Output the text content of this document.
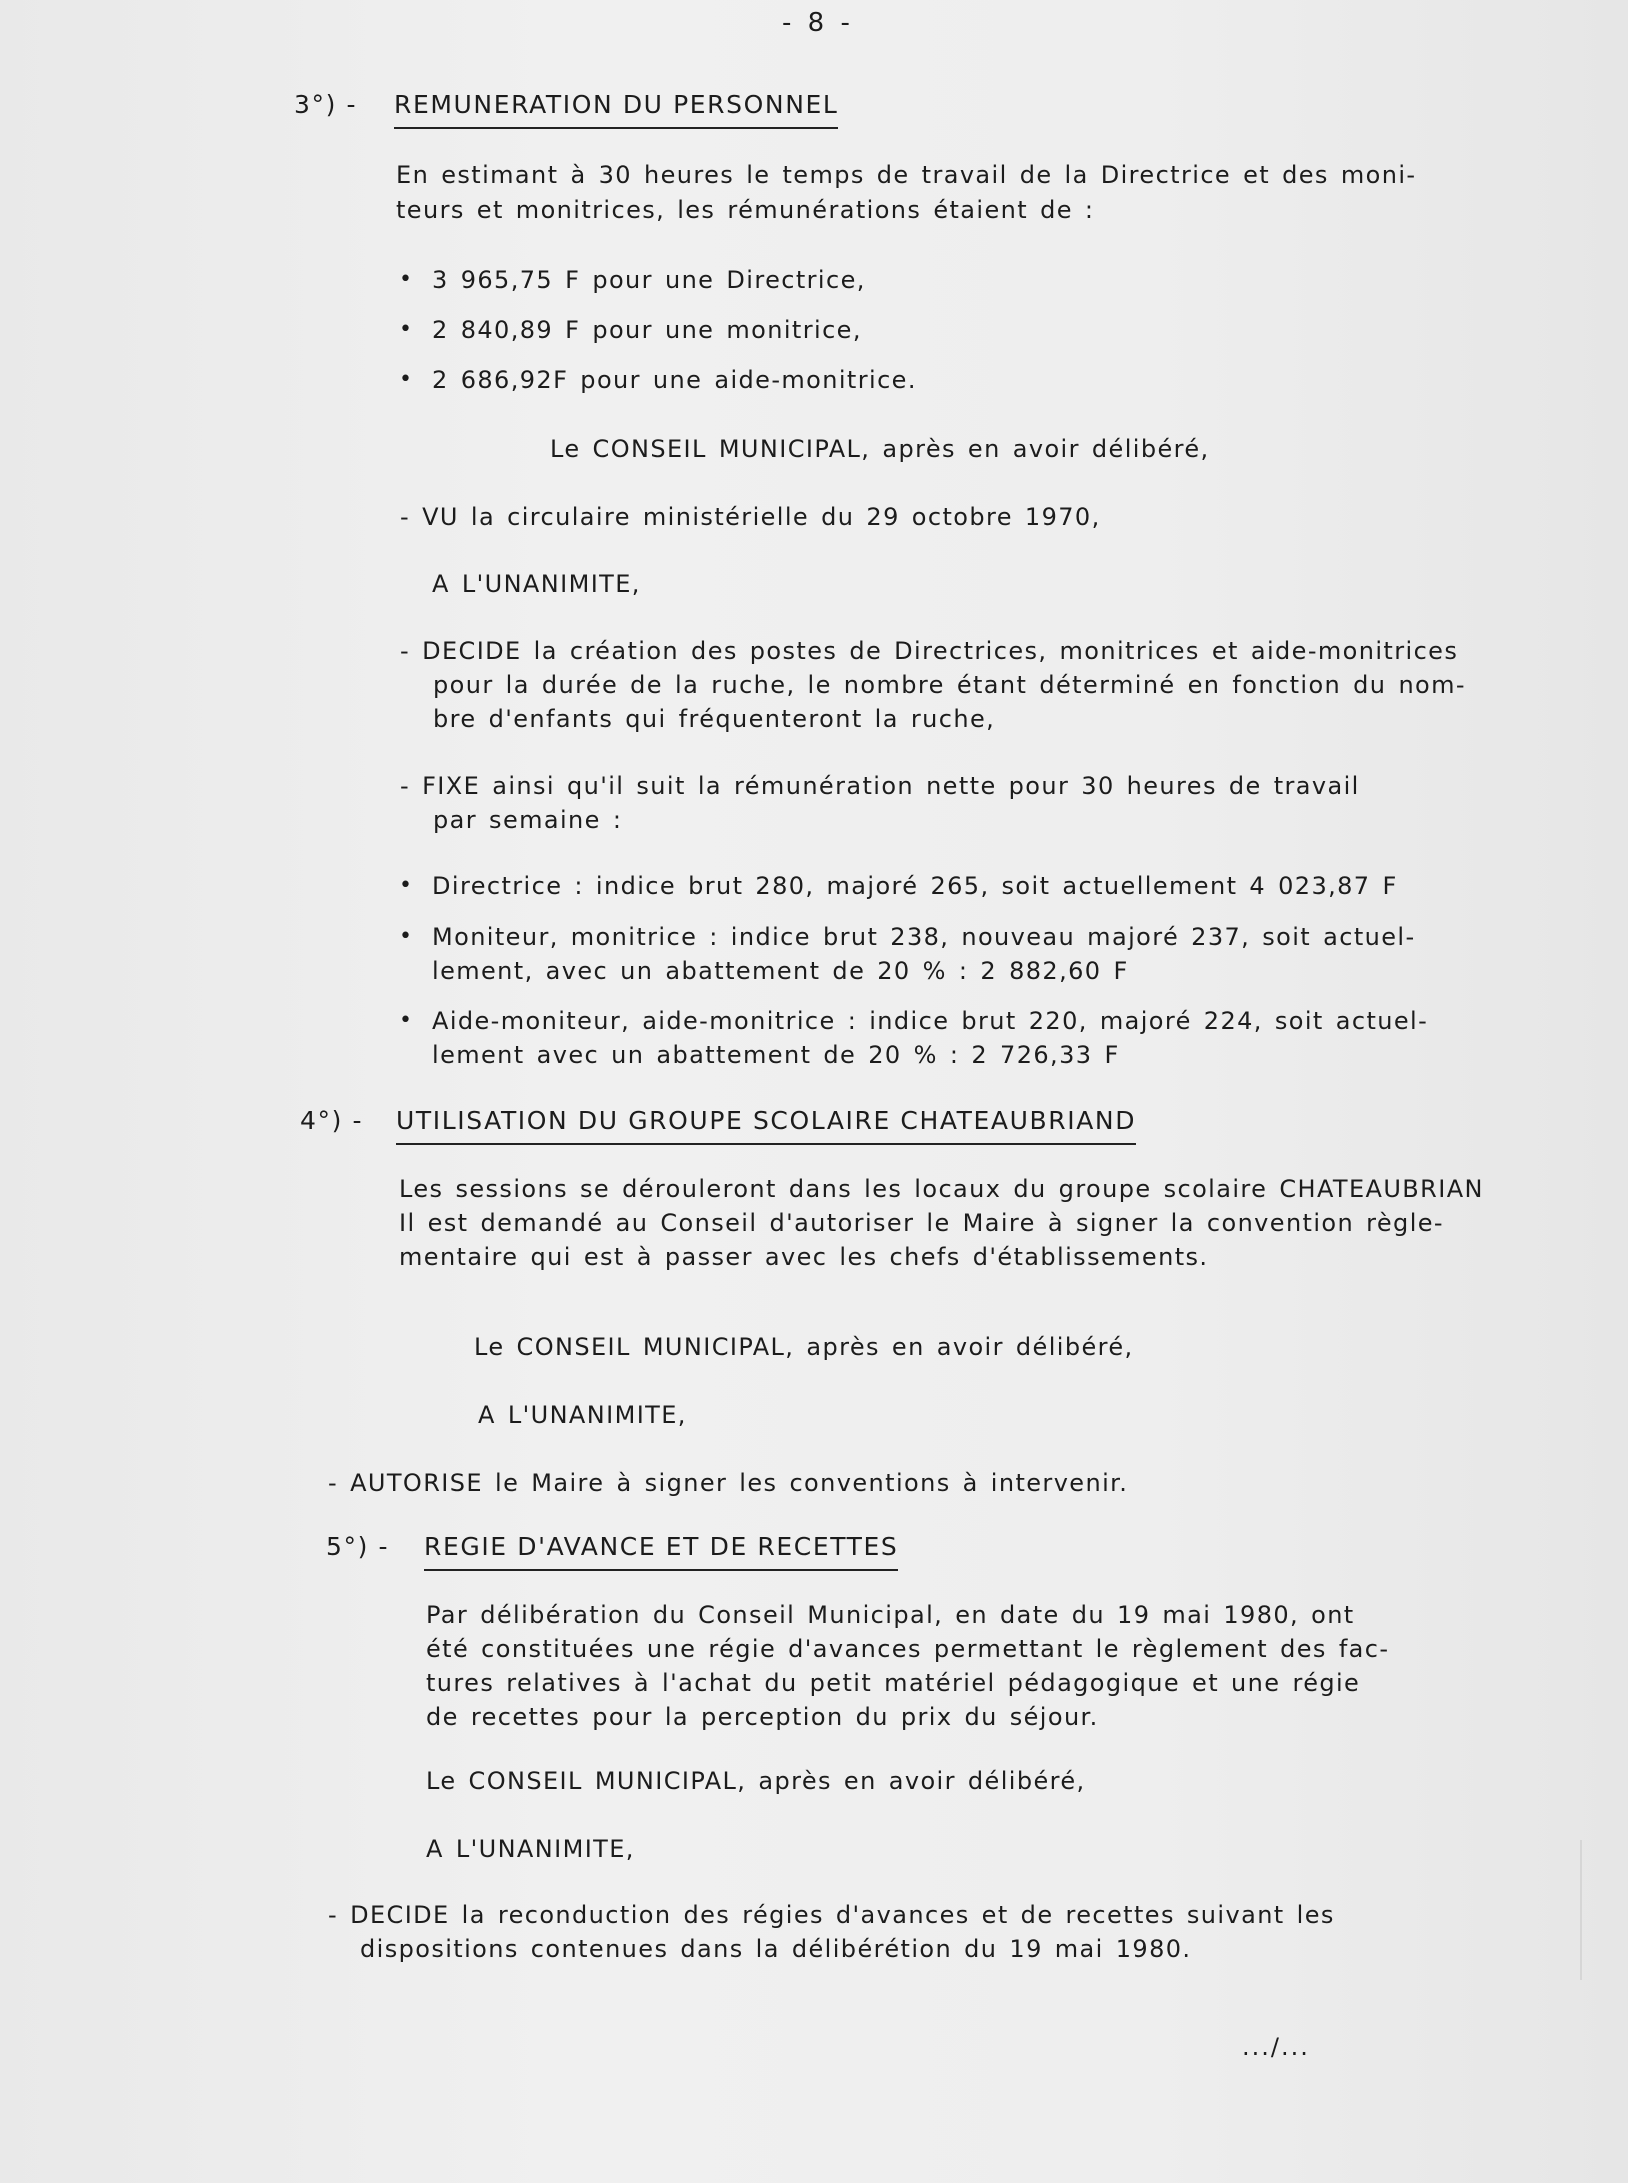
- 8 -
3°) - REMUNERATION DU PERSONNEL
En estimant à 30 heures le temps de travail de la Directrice et des moni-
teurs et monitrices, les rémunérations étaient de :
• 3 965,75 F pour une Directrice,
• 2 840,89 F pour une monitrice,
• 2 686,92F pour une aide-monitrice.
Le CONSEIL MUNICIPAL, après en avoir délibéré,
- VU la circulaire ministérielle du 29 octobre 1970,
A L'UNANIMITE,
- DECIDE la création des postes de Directrices, monitrices et aide-monitrices
pour la durée de la ruche, le nombre étant déterminé en fonction du nom-
bre d'enfants qui fréquenteront la ruche,
- FIXE ainsi qu'il suit la rémunération nette pour 30 heures de travail
par semaine :
• Directrice : indice brut 280, majoré 265, soit actuellement 4 023,87 F
• Moniteur, monitrice : indice brut 238, nouveau majoré 237, soit actuel-
lement, avec un abattement de 20 % : 2 882,60 F
• Aide-moniteur, aide-monitrice : indice brut 220, majoré 224, soit actuel-
lement avec un abattement de 20 % : 2 726,33 F
4°) - UTILISATION DU GROUPE SCOLAIRE CHATEAUBRIAND
Les sessions se dérouleront dans les locaux du groupe scolaire CHATEAUBRIAN
Il est demandé au Conseil d'autoriser le Maire à signer la convention règle-
mentaire qui est à passer avec les chefs d'établissements.
Le CONSEIL MUNICIPAL, après en avoir délibéré,
A L'UNANIMITE,
- AUTORISE le Maire à signer les conventions à intervenir.
5°) - REGIE D'AVANCE ET DE RECETTES
Par délibération du Conseil Municipal, en date du 19 mai 1980, ont
été constituées une régie d'avances permettant le règlement des fac-
tures relatives à l'achat du petit matériel pédagogique et une régie
de recettes pour la perception du prix du séjour.
Le CONSEIL MUNICIPAL, après en avoir délibéré,
A L'UNANIMITE,
- DECIDE la reconduction des régies d'avances et de recettes suivant les
dispositions contenues dans la délibérétion du 19 mai 1980.
.../...
